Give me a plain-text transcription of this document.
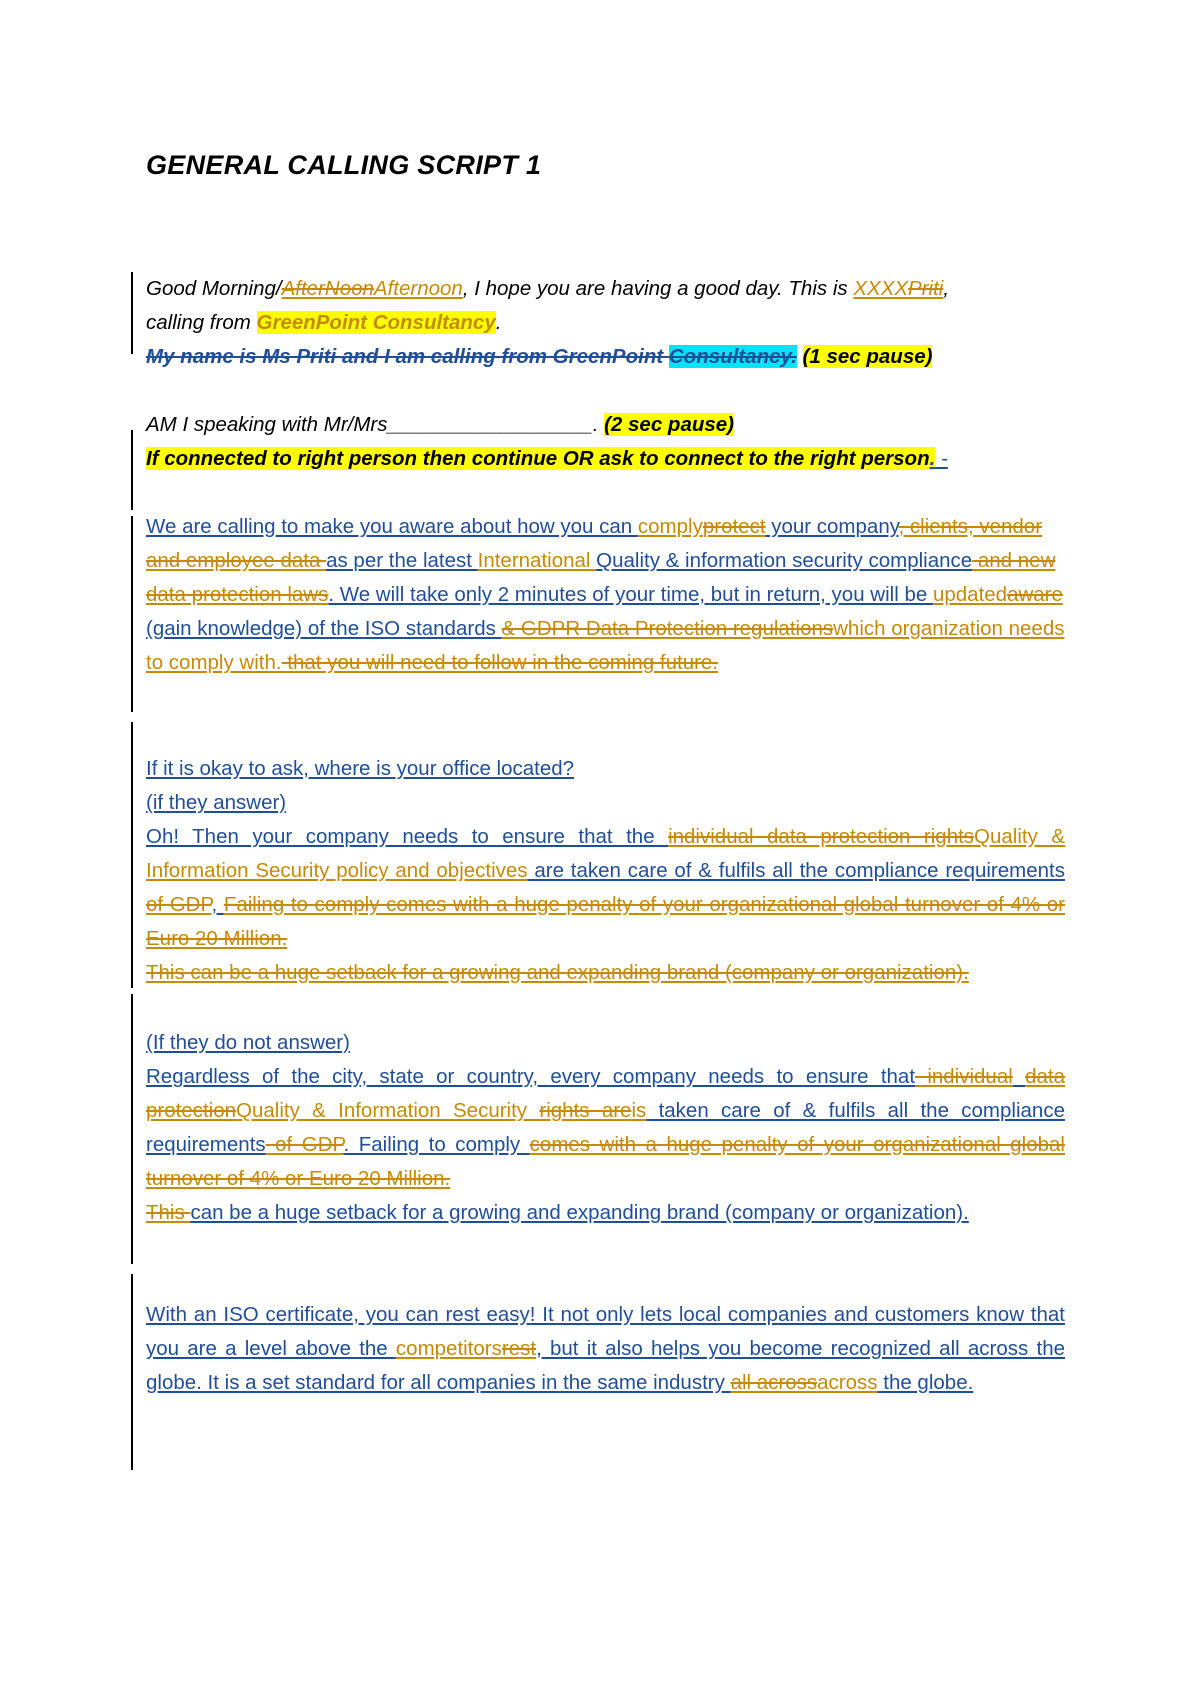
GENERAL CALLING SCRIPT 1

Good Morning/AfterNoonAfternoon, I hope you are having a good day. This is XXXXPriti,
calling from GreenPoint Consultancy.
My name is Ms Priti and I am calling from GreenPoint Consultancy. (1 sec pause)

AM I speaking with Mr/Mrs__________________. (2 sec pause)
If connected to right person then continue OR ask to connect to the right person. -

We are calling to make you aware about how you can complyprotect your company, clients, vendor and employee data as per the latest International Quality & information security compliance and new data protection laws. We will take only 2 minutes of your time, but in return, you will be updatedaware (gain knowledge) of the ISO standards & GDPR Data Protection regulationswhich organization needs to comply with. that you will need to follow in the coming future.

If it is okay to ask, where is your office located?
(if they answer)
Oh! Then your company needs to ensure that the individual data protection rightsQuality & Information Security policy and objectives are taken care of & fulfils all the compliance requirements of GDP, Failing to comply comes with a huge penalty of your organizational global turnover of 4% or Euro 20 Million.
This can be a huge setback for a growing and expanding brand (company or organization).

(If they do not answer)
Regardless of the city, state or country, every company needs to ensure that individual data protectionQuality & Information Security rights areis taken care of & fulfils all the compliance requirements of GDP. Failing to comply comes with a huge penalty of your organizational global turnover of 4% or Euro 20 Million.
This can be a huge setback for a growing and expanding brand (company or organization).

With an ISO certificate, you can rest easy! It not only lets local companies and customers know that you are a level above the competitorsrest, but it also helps you become recognized all across the globe. It is a set standard for all companies in the same industry all acrossacross the globe.
